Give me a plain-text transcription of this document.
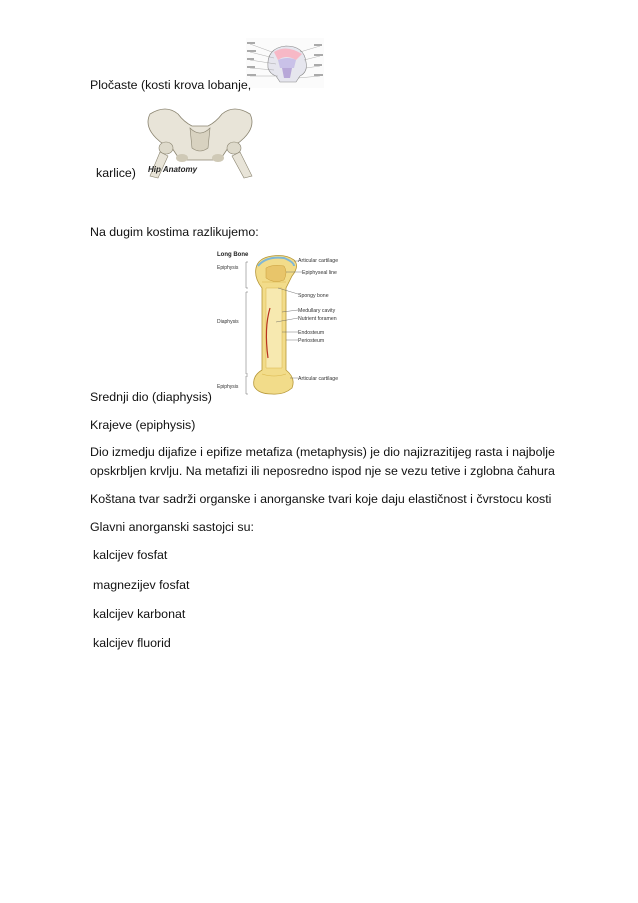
Pločaste (kosti krova lobanje,
Hip Anatomy
karlice)
Na dugim kostima razlikujemo:
Long Bone
Epiphysis
Diaphysis
Epiphysis
Articular cartilage
Epiphyseal line
Spongy bone
Medullary cavity
Nutrient foramen
Endosteum
Periosteum
Articular cartilage
Srednji dio (diaphysis)
Krajeve (epiphysis)
Dio izmedju dijafize i epifize metafiza (metaphysis) je dio najizrazitijeg rasta i najbolje
opskrbljen krvlju. Na metafizi ili neposredno ispod nje se vezu tetive i zglobna čahura
Koštana tvar sadrži organske i anorganske tvari koje daju elastičnost i čvrstocu kosti
Glavni anorganski sastojci su:
kalcijev fosfat
magnezijev fosfat
kalcijev karbonat
kalcijev fluorid
